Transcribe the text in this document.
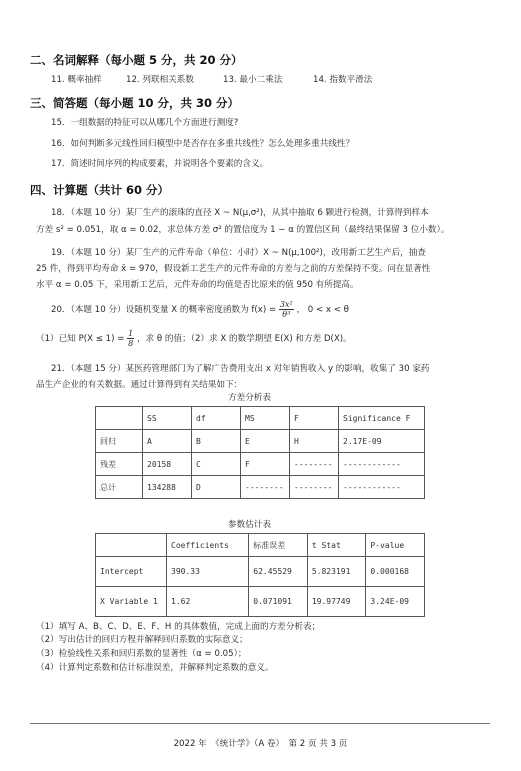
二、名词解释（每小题 5 分，共 20 分）
11. 概率抽样	12. 列联相关系数	13. 最小二乘法	14. 指数平滑法
三、简答题（每小题 10 分，共 30 分）
15．一组数据的特征可以从哪几个方面进行测度?
16．如何判断多元线性回归模型中是否存在多重共线性？怎么处理多重共线性？
17．简述时间序列的构成要素，并说明各个要素的含义。
四、计算题（共计 60 分）
18．（本题 10 分）某厂生产的滚珠的直径 X ~ N(μ,σ²)，从其中抽取 6 颗进行检测，计算得到样本
方差 s² = 0.051，取 α = 0.02，求总体方差 σ² 的置信度为 1 − α 的置信区间（最终结果保留 3 位小数）。
19．（本题 10 分）某厂生产的元件寿命（单位：小时）X ~ N(μ,100²)，改用新工艺生产后，抽查
25 件，得到平均寿命 x̄ = 970，假设新工艺生产的元件寿命的方差与之前的方差保持不变。问在显著性
水平 α = 0.05 下，采用新工艺后，元件寿命的均值是否比原来的值 950 有所提高。
20．（本题 10 分）设随机变量 X 的概率密度函数为 $f(x) = \frac{\text{3x²}}{\text{θ³}}$ ， 0 < x < θ
（1）已知 $P(X \le 1) = \frac{1}{8}$ ，求 θ 的值；（2）求 X 的数学期望 E(X) 和方差 D(X)。
21．（本题 15 分）某医药管理部门为了解广告费用支出 x 对年销售收入 y 的影响，收集了 30 家药
品生产企业的有关数据。通过计算得到有关结果如下：
方差分析表
	SS	df	MS	F	Significance F
回归	A	B	E	H	2.17E-09
残差	20158	C	F	--------	------------
总计	134288	D	--------	--------	------------
参数估计表
	Coefficients	标准误差	t Stat	P-value
Intercept	390.33	62.45529	5.823191	0.000168
X Variable 1	1.62	0.071091	19.97749	3.24E-09
（1）填写 A、B、C、D、E、F、H 的具体数值，完成上面的方差分析表；
（2）写出估计的回归方程并解释回归系数的实际意义；
（3）检验线性关系和回归系数的显著性（α = 0.05）；
（4）计算判定系数和估计标准误差，并解释判定系数的意义。
2022 年　《统计学》（A 卷）　第 2 页 共 3 页
